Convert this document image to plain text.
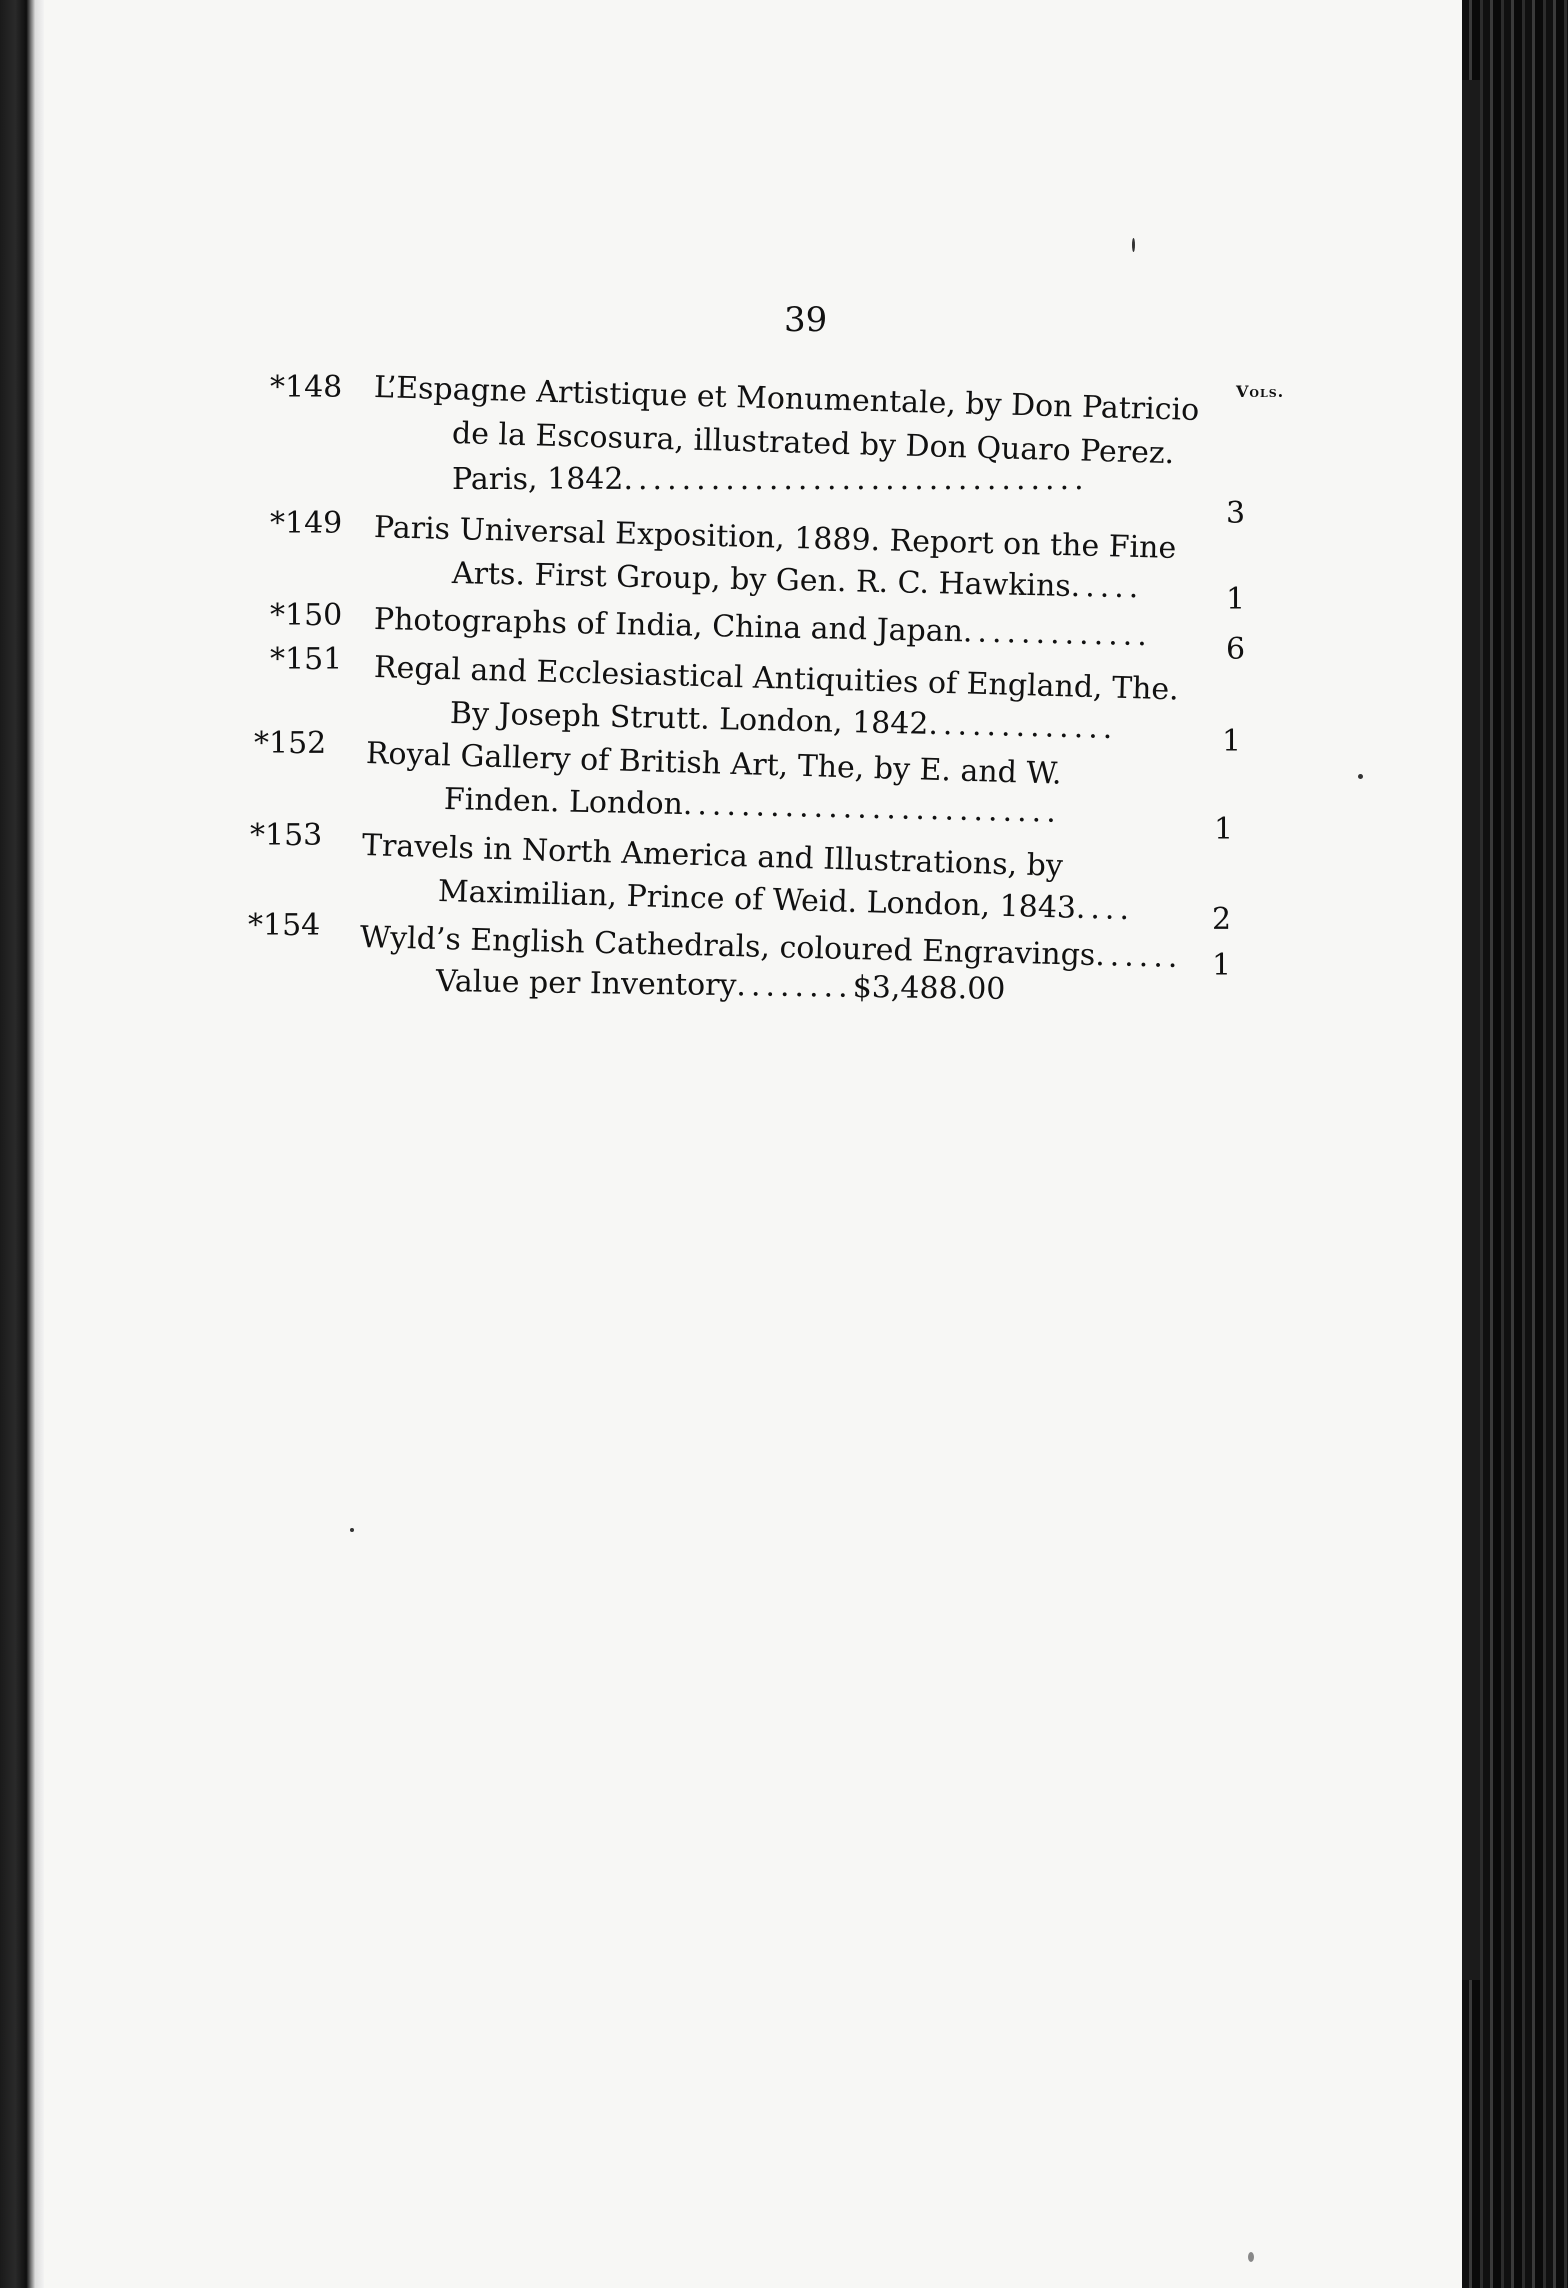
39
Vols.
*148 L’Espagne Artistique et Monumentale, by Don Patricio
de la Escosura, illustrated by Don Quaro Perez.
Paris, 1842................................
3
*149 Paris Universal Exposition, 1889. Report on the Fine
Arts. First Group, by Gen. R. C. Hawkins.....	1
*150 Photographs of India, China and Japan............. 6
*151 Regal and Ecclesiastical Antiquities of England, The.
By Joseph Strutt. London, 1842.............	1
*152 Royal Gallery of British Art, The, by E. and W.
Finden. London..........................	1
*153 Travels in North America and Illustrations, by
Maximilian, Prince of Weid. London, 1843....	2
*154 Wyld’s English Cathedrals, coloured Engravings...... 1
Value per Inventory........$3,488.00
